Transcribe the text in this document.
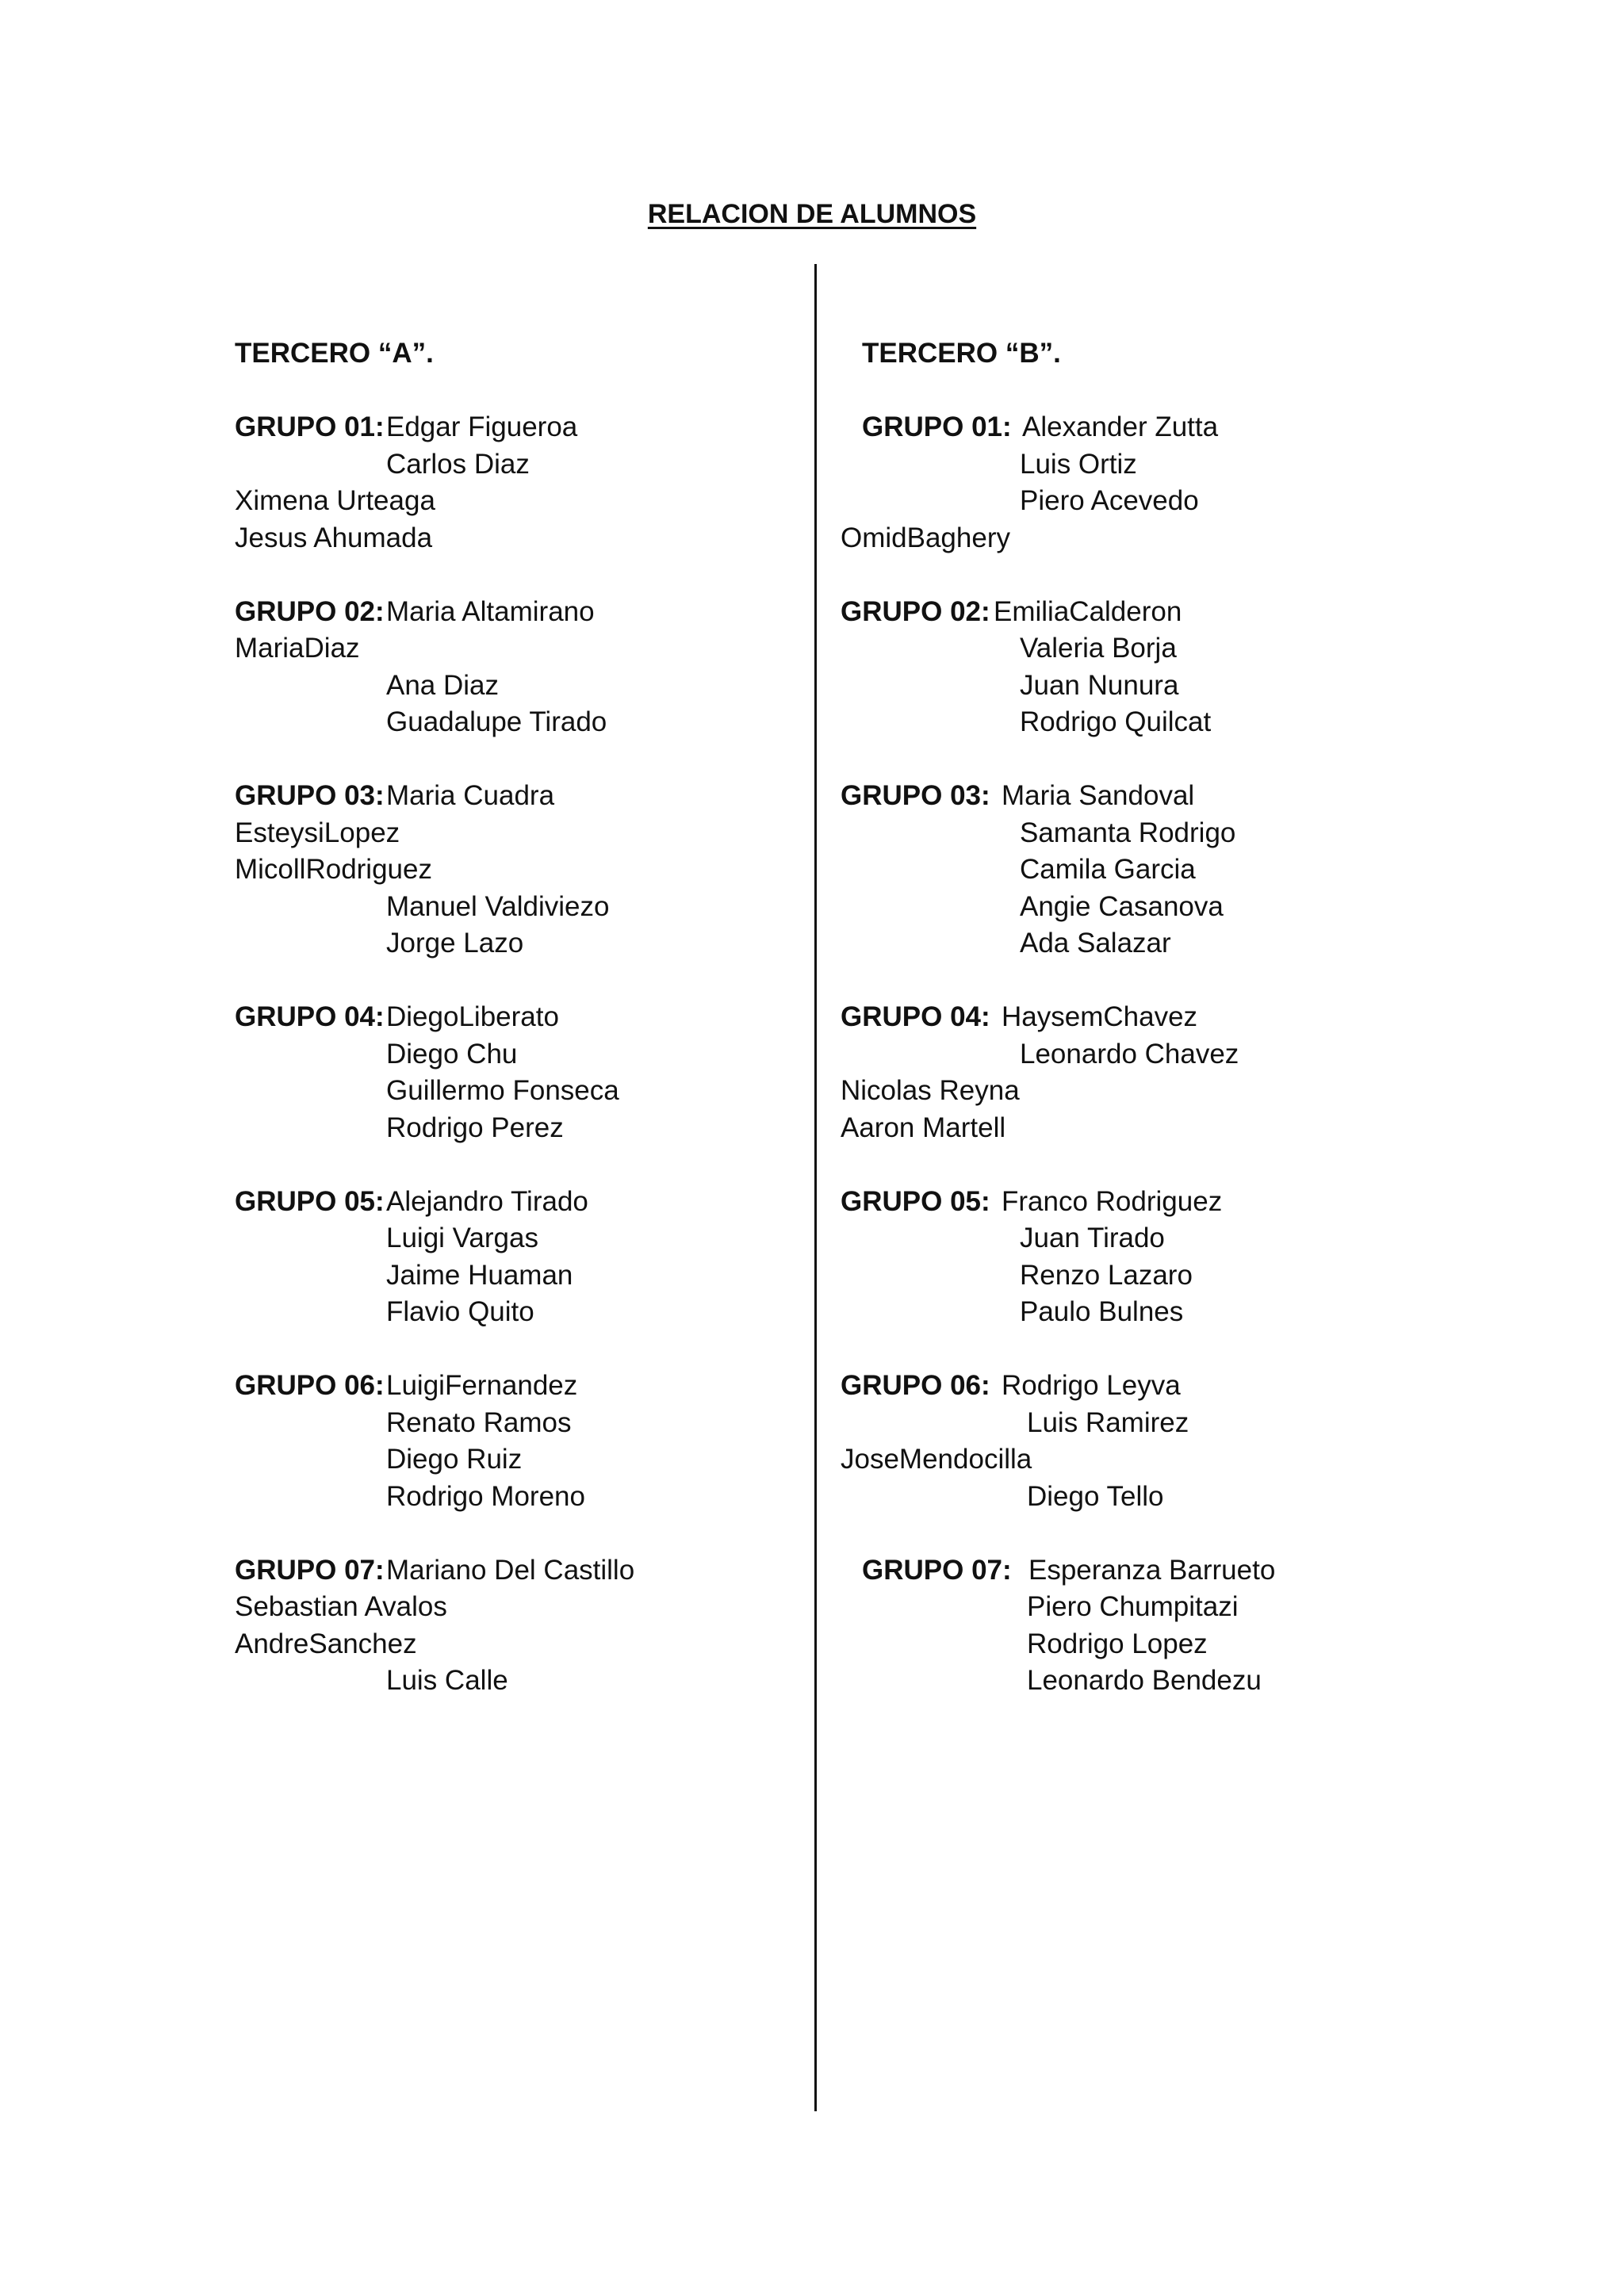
RELACION DE ALUMNOS
TERCERO “A”.
GRUPO 01: Edgar Figueroa
Carlos Diaz
Ximena Urteaga
Jesus Ahumada
GRUPO 02: Maria Altamirano
MariaDiaz
Ana Diaz
Guadalupe Tirado
GRUPO 03: Maria Cuadra
EsteysiLopez
MicollRodriguez
Manuel Valdiviezo
Jorge Lazo
GRUPO 04: DiegoLiberato
Diego Chu
Guillermo Fonseca
Rodrigo Perez
GRUPO 05: Alejandro Tirado
Luigi Vargas
Jaime Huaman
Flavio Quito
GRUPO 06: LuigiFernandez
Renato Ramos
Diego Ruiz
Rodrigo Moreno
GRUPO 07: Mariano Del Castillo
Sebastian Avalos
AndreSanchez
Luis Calle
TERCERO “B”.
GRUPO 01: Alexander Zutta
Luis Ortiz
Piero Acevedo
OmidBaghery
GRUPO 02: EmiliaCalderon
Valeria Borja
Juan Nunura
Rodrigo Quilcat
GRUPO 03: Maria Sandoval
Samanta Rodrigo
Camila Garcia
Angie Casanova
Ada Salazar
GRUPO 04: HaysemChavez
Leonardo Chavez
Nicolas Reyna
Aaron Martell
GRUPO 05: Franco Rodriguez
Juan Tirado
Renzo Lazaro
Paulo Bulnes
GRUPO 06: Rodrigo Leyva
Luis Ramirez
JoseMendocilla
Diego Tello
GRUPO 07: Esperanza Barrueto
Piero Chumpitazi
Rodrigo Lopez
Leonardo Bendezu
